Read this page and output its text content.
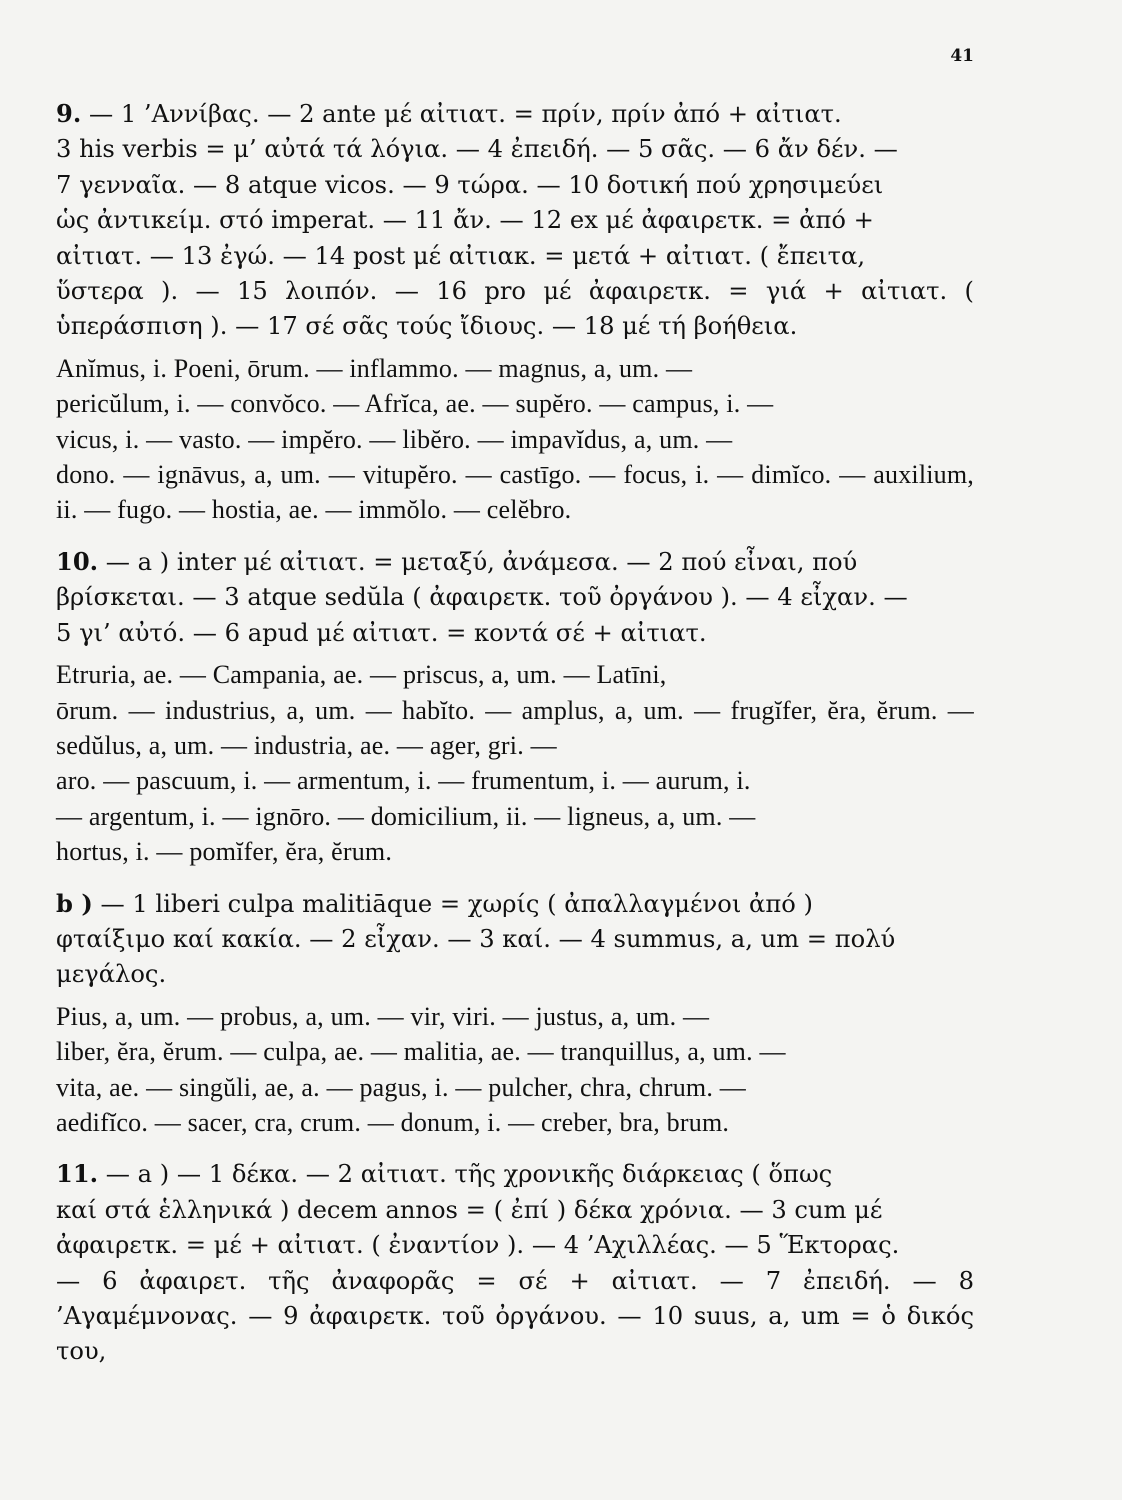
41

9. — 1 ’Αννίβας. — 2 ante μέ αἰτιατ. = πρίν, πρίν ἀπό + αἰτιατ.
3 his verbis = μ’ αὐτά τά λόγια. — 4 ἐπειδή. — 5 σᾶς. — 6 ἄν δέν. —
7 γενναῖα. — 8 atque vicos. — 9 τώρα. — 10 δοτική πού χρησιμεύει
ὡς ἀντικείμ. στό imperat. — 11 ἄν. — 12 ex μέ ἀφαιρετκ. = ἀπό +
αἰτιατ. — 13 ἐγώ. — 14 post μέ αἰτιακ. = μετά + αἰτιατ. ( ἔπειτα,
ὕστερα ). — 15 λοιπόν. — 16 pro μέ ἀφαιρετκ. = γιά + αἰτιατ. ( ὑπεράσπιση ). — 17 σέ σᾶς τούς ἴδιους. — 18 μέ τή βοήθεια.

Anĭmus, i. Poeni, ōrum. — inflammo. — magnus, a, um. —
pericŭlum, i. — convŏco. — Afrĭca, ae. — supĕro. — campus, i. —
vicus, i. — vasto. — impĕro. — libĕro. — impavĭdus, a, um. —
dono. — ignāvus, a, um. — vitupĕro. — castīgo. — focus, i. — dimĭco. — auxilium, ii. — fugo. — hostia, ae. — immŏlo. — celĕbro.

10. — a ) inter μέ αἰτιατ. = μεταξύ, ἀνάμεσα. — 2 πού εἶναι, πού
βρίσκεται. — 3 atque sedŭla ( ἀφαιρετκ. τοῦ ὀργάνου ). — 4 εἶχαν. —
5 γι’ αὐτό. — 6 apud μέ αἰτιατ. = κοντά σέ + αἰτιατ.

Etruria, ae. — Campania, ae. — priscus, a, um. — Latīni,
ōrum. — industrius, a, um. — habĭto. — amplus, a, um. — frugĭfer, ĕra, ĕrum. — sedŭlus, a, um. — industria, ae. — ager, gri. —
aro. — pascuum, i. — armentum, i. — frumentum, i. — aurum, i.
— argentum, i. — ignōro. — domicilium, ii. — ligneus, a, um. —
hortus, i. — pomĭfer, ĕra, ĕrum.

b ) — 1 liberi culpa malitiāque = χωρίς ( ἀπαλλαγμένοι ἀπό )
φταίξιμο καί κακία. — 2 εἶχαν. — 3 καί. — 4 summus, a, um = πολύ
μεγάλος.

Pius, a, um. — probus, a, um. — vir, viri. — justus, a, um. —
liber, ĕra, ĕrum. — culpa, ae. — malitia, ae. — tranquillus, a, um. —
vita, ae. — singŭli, ae, a. — pagus, i. — pulcher, chra, chrum. —
aedifĭco. — sacer, cra, crum. — donum, i. — creber, bra, brum.

11. — a ) — 1 δέκα. — 2 αἰτιατ. τῆς χρονικῆς διάρκειας ( ὅπως
καί στά ἑλληνικά ) decem annos = ( ἐπί ) δέκα χρόνια. — 3 cum μέ
ἀφαιρετκ. = μέ + αἰτιατ. ( ἐναντίον ). — 4 ’Αχιλλέας. — 5 Ἕκτορας.
— 6 ἀφαιρετ. τῆς ἀναφορᾶς = σέ + αἰτιατ. — 7 ἐπειδή. — 8 ’Αγαμέμνονας. — 9 ἀφαιρετκ. τοῦ ὀργάνου. — 10 suus, a, um = ὁ δικός του,
